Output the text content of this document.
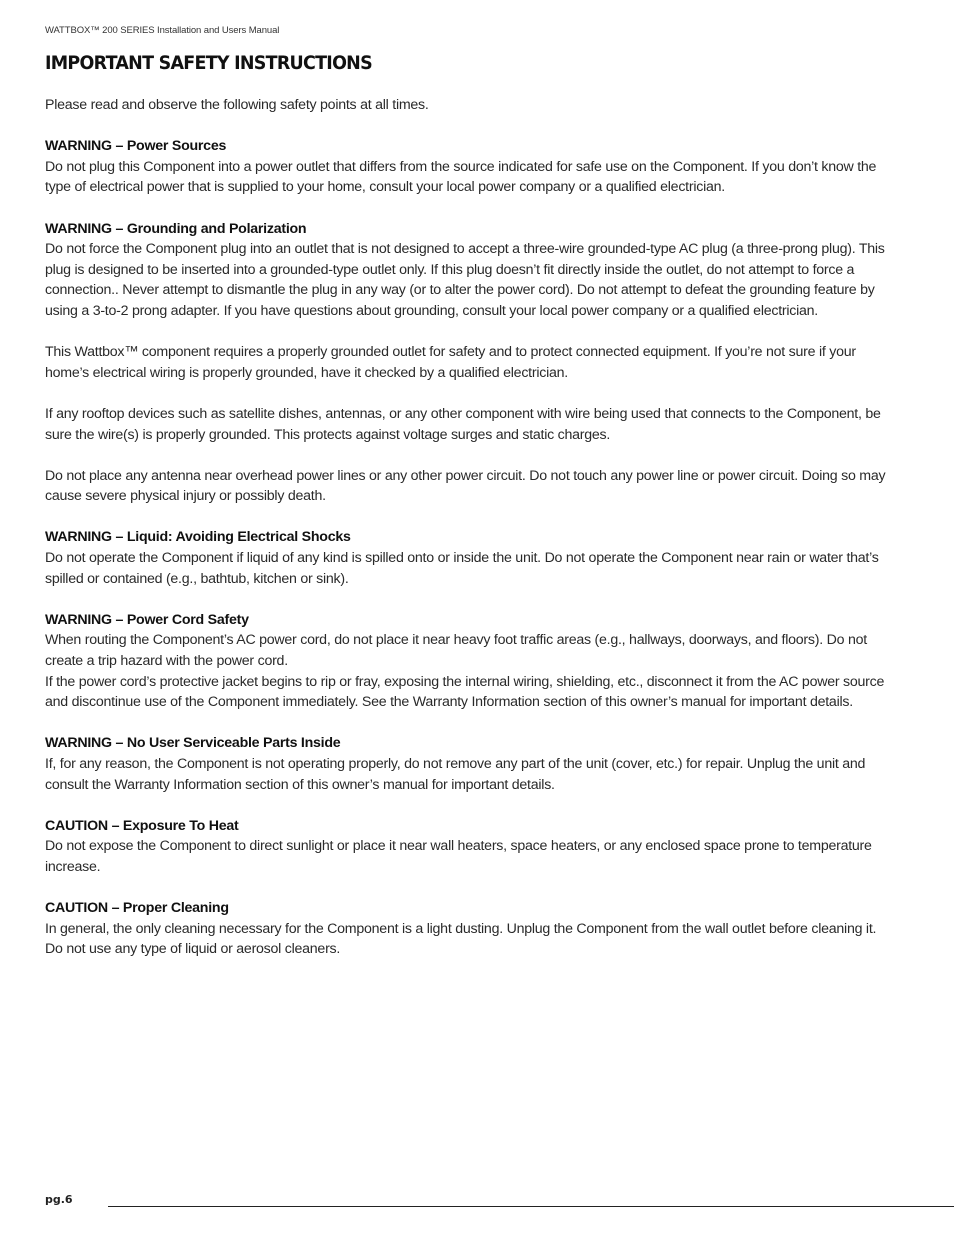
WATTBOX™ 200 SERIES Installation and Users Manual
IMPORTANT SAFETY INSTRUCTIONS

Please read and observe the following safety points at all times.

WARNING – Power Sources
Do not plug this Component into a power outlet that differs from the source indicated for safe use on the Component. If you don’t know the type of electrical power that is supplied to your home, consult your local power company or a qualified electrician.

WARNING – Grounding and Polarization
Do not force the Component plug into an outlet that is not designed to accept a three-wire grounded-type AC plug (a three-prong plug). This plug is designed to be inserted into a grounded-type outlet only. If this plug doesn’t fit directly inside the outlet, do not attempt to force a connection.. Never attempt to dismantle the plug in any way (or to alter the power cord). Do not attempt to defeat the grounding feature by using a 3-to-2 prong adapter. If you have questions about grounding, consult your local power company or a qualified electrician.

This Wattbox™ component requires a properly grounded outlet for safety and to protect connected equipment. If you’re not sure if your home’s electrical wiring is properly grounded, have it checked by a qualified electrician.

If any rooftop devices such as satellite dishes, antennas, or any other component with wire being used that connects to the Component, be sure the wire(s) is properly grounded. This protects against voltage surges and static charges.

Do not place any antenna near overhead power lines or any other power circuit. Do not touch any power line or power circuit. Doing so may cause severe physical injury or possibly death.

WARNING – Liquid: Avoiding Electrical Shocks
Do not operate the Component if liquid of any kind is spilled onto or inside the unit. Do not operate the Component near rain or water that’s spilled or contained (e.g., bathtub, kitchen or sink).

WARNING – Power Cord Safety
When routing the Component’s AC power cord, do not place it near heavy foot traffic areas (e.g., hallways, doorways, and floors). Do not create a trip hazard with the power cord.
If the power cord’s protective jacket begins to rip or fray, exposing the internal wiring, shielding, etc., disconnect it from the AC power source and discontinue use of the Component immediately. See the Warranty Information section of this owner’s manual for important details.

WARNING – No User Serviceable Parts Inside
If, for any reason, the Component is not operating properly, do not remove any part of the unit (cover, etc.) for repair. Unplug the unit and consult the Warranty Information section of this owner’s manual for important details.

CAUTION – Exposure To Heat
Do not expose the Component to direct sunlight or place it near wall heaters, space heaters, or any enclosed space prone to temperature increase.

CAUTION – Proper Cleaning
In general, the only cleaning necessary for the Component is a light dusting. Unplug the Component from the wall outlet before cleaning it. Do not use any type of liquid or aerosol cleaners.

pg.6
